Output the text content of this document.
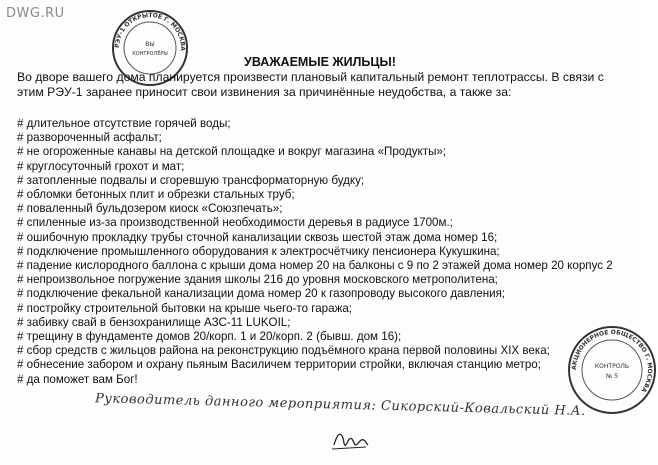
DWG.RU
РЭУ-1 ОТКРЫТОЕ Г. МОСКВА
ВЫ
КОНТРОЛЁРЫ
УВАЖАЕМЫЕ ЖИЛЬЦЫ!
Во дворе вашего дома планируется произвести плановый капитальный ремонт теплотрассы. В связи с этим РЭУ-1 заранее приносит свои извинения за причинённые неудобства, а также за:
# длительное отсутствие горячей воды;
# развороченный асфальт;
# не огороженные канавы на детской площадке и вокруг магазина «Продукты»;
# круглосуточный грохот и мат;
# затопленные подвалы и сгоревшую трансформаторную будку;
# обломки бетонных плит и обрезки стальных труб;
# поваленный бульдозером киоск «Союзпечать»;
# спиленные из-за производственной необходимости деревья в радиусе 1700м.;
# ошибочную прокладку трубы сточной канализации сквозь шестой этаж дома номер 16;
# подключение промышленного оборудования к электросчётчику пенсионера Кукушкина;
# падение кислородного баллона с крыши дома номер 20 на балконы с 9 по 2 этажей дома номер 20 корпус 2
# непроизвольное погружение здания школы 216 до уровня московского метрополитена;
# подключение фекальной канализации дома номер 20 к газопроводу высокого давления;
# постройку строительной бытовки на крыше чьего-то гаража;
# забивку свай в бензохранилище АЗС-11 LUKOIL;
# трещину в фундаменте домов 20/корп. 1 и 20/корп. 2 (бывш. дом 16);
# сбор средств с жильцов района на реконструкцию подъёмного крана первой половины XIX века;
# обнесение забором и охрану пьяным Василичем территории стройки, включая станцию метро;
# да поможет вам Бог!
АКЦИОНЕРНОЕ ОБЩЕСТВО Г. МОСКВА
КОНТРОЛЬ
№ 5
Руководитель данного мероприятия: Сикорский-Ковальский Н.А.
